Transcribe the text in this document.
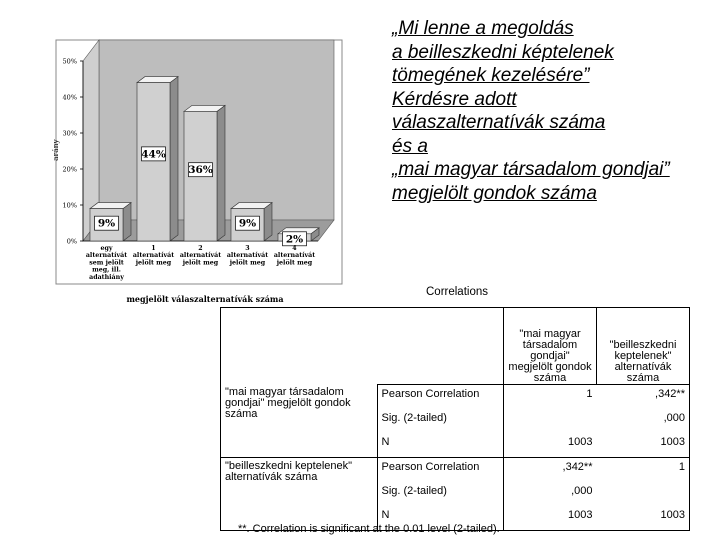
0%
10%
20%
30%
40%
50%
arány
9%
egy
alternatívát
sem jelölt
meg, ill.
adathiány
44%
1
alternatívát
jelölt meg
36%
2
alternatívát
jelölt meg
9%
3
alternatívát
jelölt meg
2%
4
alternatívát
jelölt meg
megjelölt válaszalternatívák száma
„Mi lenne a megoldás
a beilleszkedni képtelenek
tömegének kezelésére”
Kérdésre adott
válaszalternatívák száma
és a
„mai magyar társadalom gondjai”
megjelölt gondok száma
Correlations
		"mai magyar társadalom gondjai" megjelölt gondok száma	"beilleszkedni keptelenek" alternatívák száma
"mai magyar társadalom gondjai" megjelölt gondok száma	Pearson Correlation	1	,342**
	Sig. (2-tailed)		,000
	N	1003	1003
"beilleszkedni keptelenek" alternatívák száma	Pearson Correlation	,342**	1
	Sig. (2-tailed)	,000	
	N	1003	1003
**. Correlation is significant at the 0.01 level (2-tailed).
